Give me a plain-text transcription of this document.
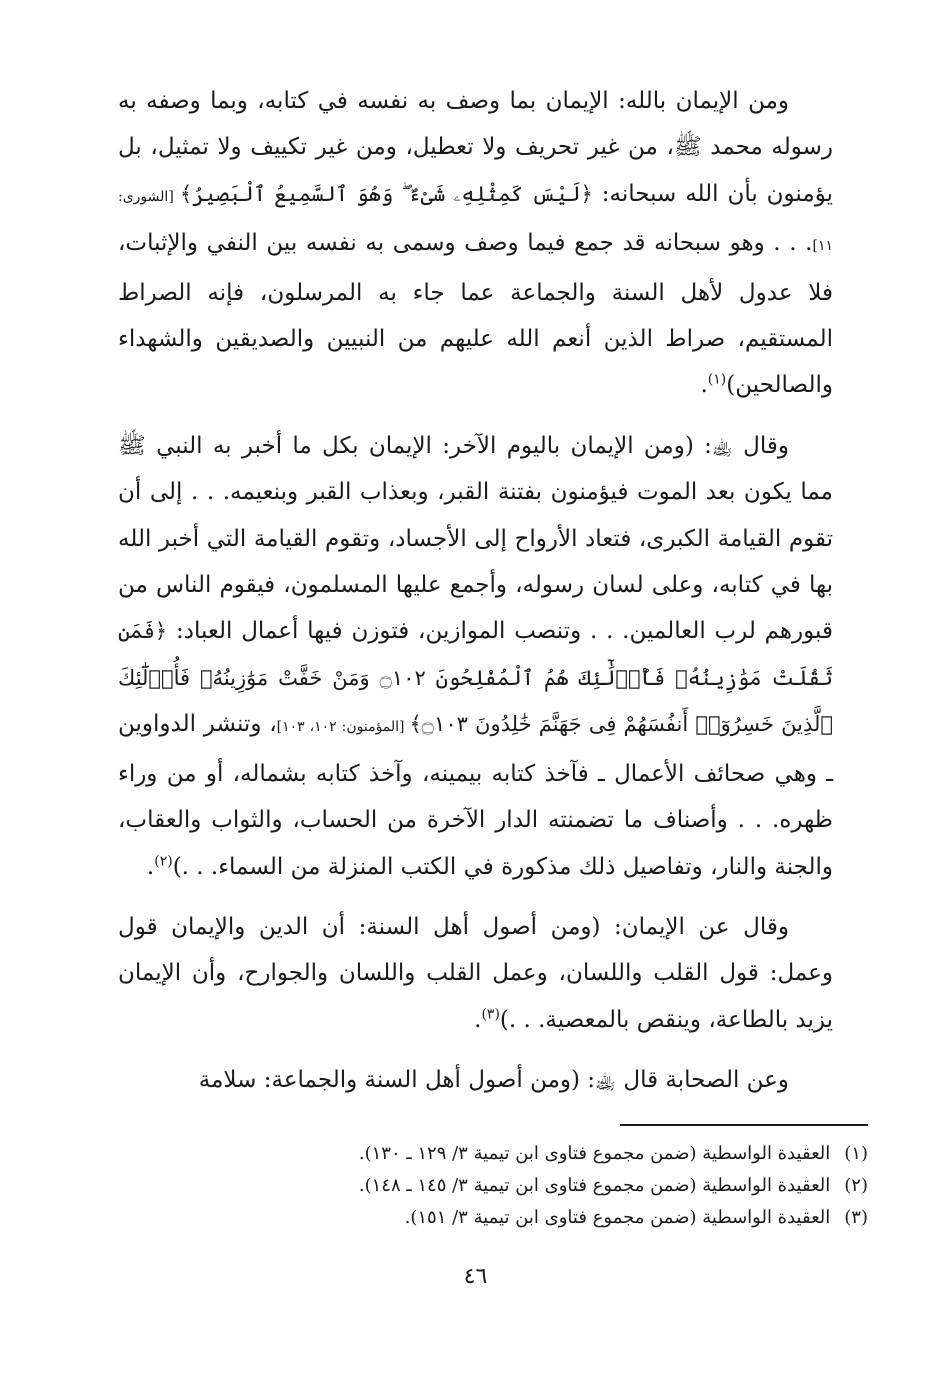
ومن الإيمان بالله: الإيمان بما وصف به نفسه في كتابه، وبما وصفه به رسوله محمد ﷺ، من غير تحريف ولا تعطيل، ومن غير تكييف ولا تمثيل، بل يؤمنون بأن الله سبحانه: ﴿لَيْسَ كَمِثْلِهِۦ شَىْءٌ ۖ وَهُوَ ٱلسَّمِيعُ ٱلْبَصِيرُ﴾ [الشورى: ١١]. . . وهو سبحانه قد جمع فيما وصف وسمى به نفسه بين النفي والإثبات، فلا عدول لأهل السنة والجماعة عما جاء به المرسلون، فإنه الصراط المستقيم، صراط الذين أنعم الله عليهم من النبيين والصديقين والشهداء والصالحين)$^{(١)}$.

وقال ﵀: (ومن الإيمان باليوم الآخر: الإيمان بكل ما أخبر به النبي ﷺ مما يكون بعد الموت فيؤمنون بفتنة القبر، وبعذاب القبر وبنعيمه. . . إلى أن تقوم القيامة الكبرى، فتعاد الأرواح إلى الأجساد، وتقوم القيامة التي أخبر الله بها في كتابه، وعلى لسان رسوله، وأجمع عليها المسلمون، فيقوم الناس من قبورهم لرب العالمين. . . وتنصب الموازين، فتوزن فيها أعمال العباد: ﴿فَمَن ثَقُلَتْ مَوَٰزِينُهُۥ فَأُو۟لَٰٓئِكَ هُمُ ٱلْمُفْلِحُونَ ۝١٠٢ وَمَنْ خَفَّتْ مَوَٰزِينُهُۥ فَأُو۟لَٰٓئِكَ ٱلَّذِينَ خَسِرُوٓا۟ أَنفُسَهُمْ فِى جَهَنَّمَ خَٰلِدُونَ ۝١٠٣﴾ [المؤمنون: ١٠٢، ١٠٣]، وتنشر الدواوين ـ وهي صحائف الأعمال ـ فآخذ كتابه بيمينه، وآخذ كتابه بشماله، أو من وراء ظهره. . . وأصناف ما تضمنته الدار الآخرة من الحساب، والثواب والعقاب، والجنة والنار، وتفاصيل ذلك مذكورة في الكتب المنزلة من السماء. . .)$^{(٢)}$.

وقال عن الإيمان: (ومن أصول أهل السنة: أن الدين والإيمان قول وعمل: قول القلب واللسان، وعمل القلب واللسان والجوارح، وأن الإيمان يزيد بالطاعة، وينقص بالمعصية. . .)$^{(٣)}$.

وعن الصحابة قال ﵀: (ومن أصول أهل السنة والجماعة: سلامة

(١)العقيدة الواسطية (ضمن مجموع فتاوى ابن تيمية ٣/ ١٢٩ ـ ١٣٠).

(٢)العقيدة الواسطية (ضمن مجموع فتاوى ابن تيمية ٣/ ١٤٥ ـ ١٤٨).

(٣)العقيدة الواسطية (ضمن مجموع فتاوى ابن تيمية ٣/ ١٥١).

٤٦
